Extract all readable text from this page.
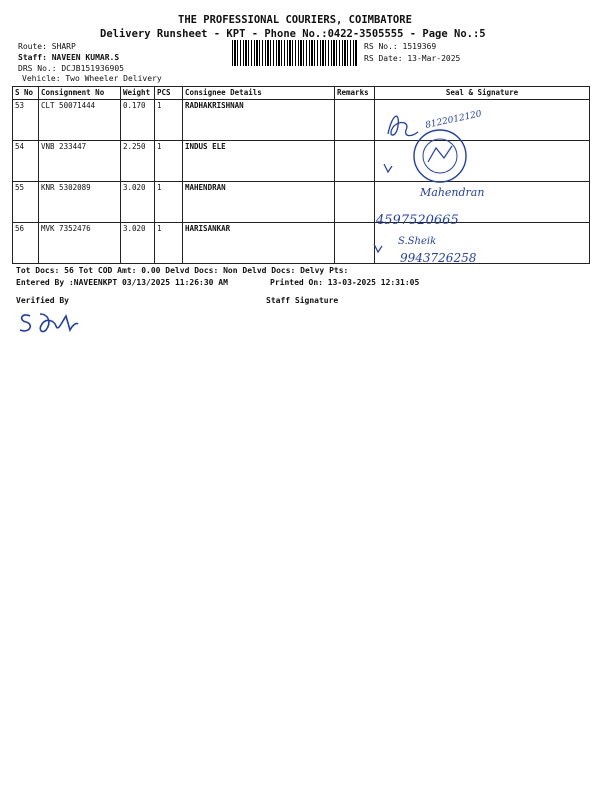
THE PROFESSIONAL COURIERS, COIMBATORE
Delivery Runsheet - KPT - Phone No.:0422-3505555 - Page No.:5
Route: SHARP
Staff: NAVEEN KUMAR.S
DRS No.: DCJB151936905
Vehicle: Two Wheeler Delivery
RS No.: 1519369
RS Date: 13-Mar-2025
S No	Consignment No	Weight	PCS	Consignee Details	Remarks	Seal & Signature
53	CLT 50071444	0.170	1	RADHAKRISHNAN		
54	VNB 233447	2.250	1	INDUS ELE		
55	KNR 5302089	3.020	1	MAHENDRAN		
56	MVK 7352476	3.020	1	HARISANKAR		
8122012120
Mahendran
4597520665
S.Sheik
9943726258
Tot Docs: 56 Tot COD Amt: 0.00 Delvd Docs: Non Delvd Docs: Delvy Pts:
Entered By :NAVEENKPT 03/13/2025 11:26:30 AM	Printed On: 13-03-2025 12:31:05
Verified By	Staff Signature
